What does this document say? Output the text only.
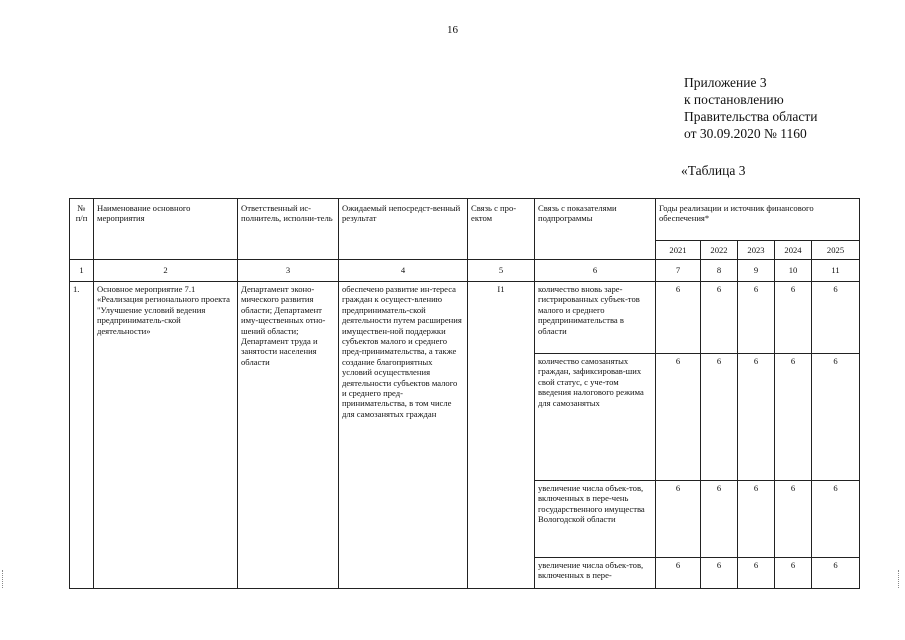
16
Приложение 3
к постановлению
Правительства области
от 30.09.2020 № 1160
«Таблица 3
№ п/п	Наименование основного мероприятия	Ответственный ис-полнитель, исполни-тель	Ожидаемый непосредст-венный результат	Связь с про-ектом	Связь с показателями подпрограммы	Годы реализации и источник финансового обеспечения*				
						2021	2022	2023	2024	2025
1	2	3	4	5	6	7	8	9	10	11
1.	Основное мероприятие 7.1 «Реализация регионального проекта "Улучшение условий ведения предприниматель-ской деятельности»	Департамент эконо-мического развития области; Департамент иму-щественных отно-шений области; Департамент труда и занятости населения области	обеспечено развитие ин-тереса граждан к осущест-влению предприниматель-ской деятельности путем расширения имуществен-ной поддержки субъектов малого и среднего пред-принимательства, а также создание благоприятных условий осуществления деятельности субъектов малого и среднего пред-принимательства, в том числе для самозанятых граждан	I1	количество вновь заре-гистрированных субъек-тов малого и среднего предпринимательства в области	6	6	6	6	6
					количество самозанятых граждан, зафиксировав-ших свой статус, с уче-том введения налогового режима для самозанятых	6	6	6	6	6
					увеличение числа объек-тов, включенных в пере-чень государственного имущества Вологодской области	6	6	6	6	6
					увеличение числа объек-тов, включенных в пере-	6	6	6	6	6
